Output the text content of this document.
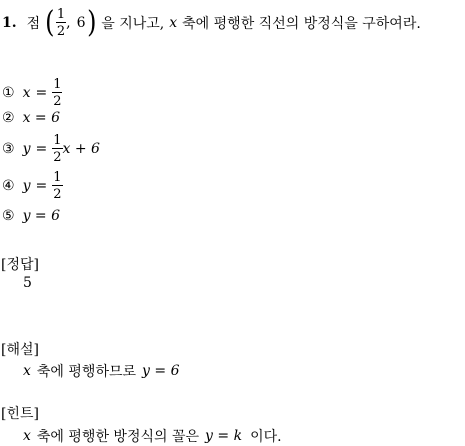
1. 점 ( $\frac{1}{2}$ , 6 ) 을 지나고, x 축에 평행한 직선의 방정식을 구하여라.
① $x = \frac{1}{2}$
② x = 6
③ $y = \frac{1}{2}$ x + 6
④ $y = \frac{1}{2}$
⑤ y = 6
[정답]
5
[해설]
x 축에 평행하므로 y = 6
[힌트]
x 축에 평행한 방정식의 꼴은 y = k 이다.
